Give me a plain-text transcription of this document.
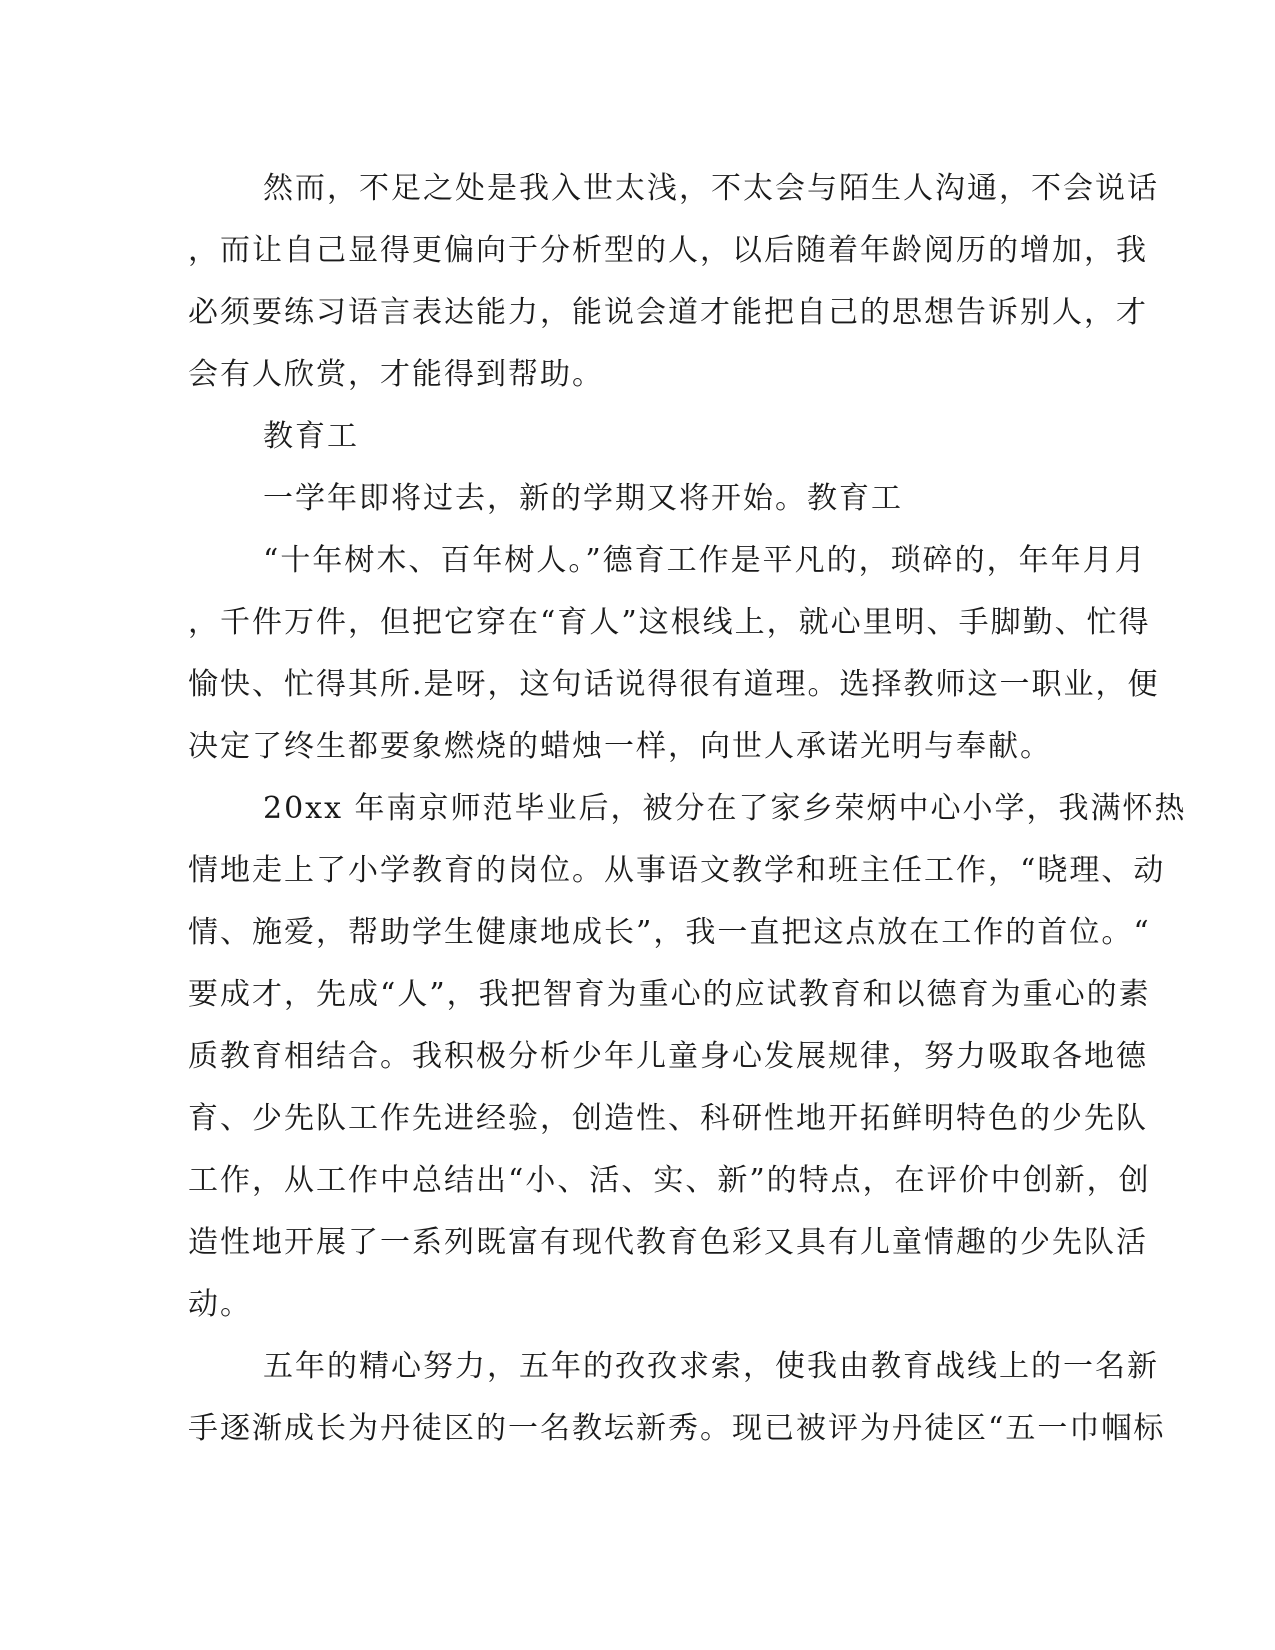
然而，不足之处是我入世太浅，不太会与陌生人沟通，不会说话
，而让自己显得更偏向于分析型的人，以后随着年龄阅历的增加，我
必须要练习语言表达能力，能说会道才能把自己的思想告诉别人，才
会有人欣赏，才能得到帮助。
教育工
一学年即将过去，新的学期又将开始。教育工
“十年树木、百年树人。”德育工作是平凡的，琐碎的，年年月月
，千件万件，但把它穿在“育人”这根线上，就心里明、手脚勤、忙得
愉快、忙得其所.是呀，这句话说得很有道理。选择教师这一职业，便
决定了终生都要象燃烧的蜡烛一样，向世人承诺光明与奉献。
20xx 年南京师范毕业后，被分在了家乡荣炳中心小学，我满怀热
情地走上了小学教育的岗位。从事语文教学和班主任工作，“晓理、动
情、施爱，帮助学生健康地成长”，我一直把这点放在工作的首位。“
要成才，先成“人”，我把智育为重心的应试教育和以德育为重心的素
质教育相结合。我积极分析少年儿童身心发展规律，努力吸取各地德
育、少先队工作先进经验，创造性、科研性地开拓鲜明特色的少先队
工作，从工作中总结出“小、活、实、新”的特点，在评价中创新，创
造性地开展了一系列既富有现代教育色彩又具有儿童情趣的少先队活
动。
五年的精心努力，五年的孜孜求索，使我由教育战线上的一名新
手逐渐成长为丹徒区的一名教坛新秀。现已被评为丹徒区“五一巾帼标
